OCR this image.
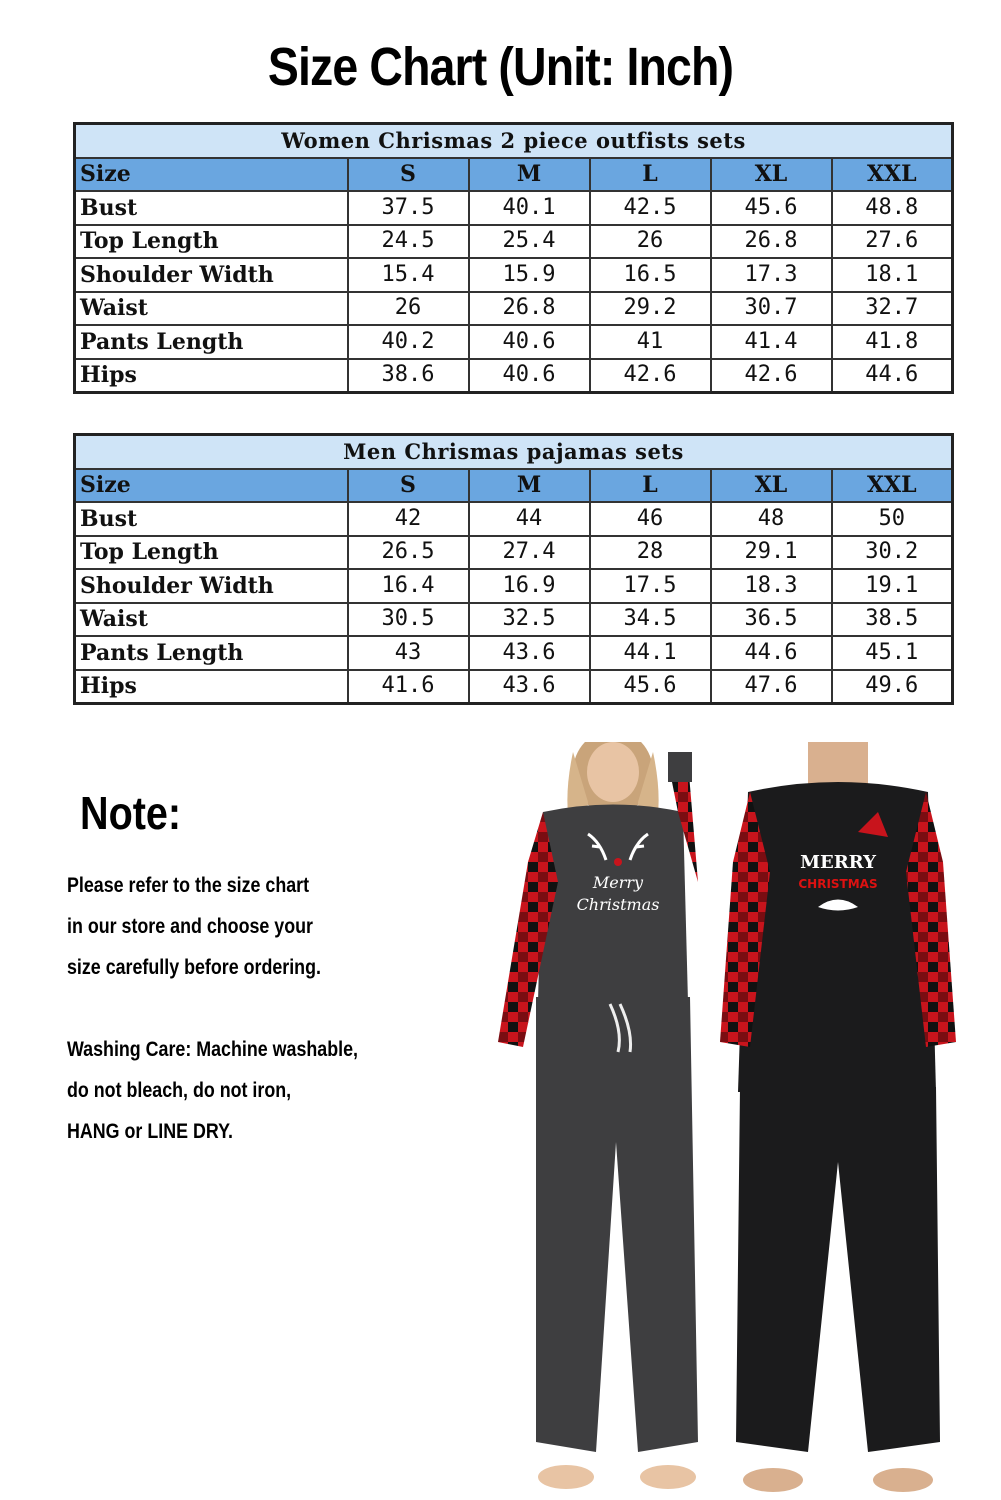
Size Chart (Unit: Inch)
Women Chrismas 2 piece outfists sets					
Size	S	M	L	XL	XXL
Bust	37.5	40.1	42.5	45.6	48.8
Top Length	24.5	25.4	26	26.8	27.6
Shoulder Width	15.4	15.9	16.5	17.3	18.1
Waist	26	26.8	29.2	30.7	32.7
Pants Length	40.2	40.6	41	41.4	41.8
Hips	38.6	40.6	42.6	42.6	44.6
Men Chrismas pajamas sets					
Size	S	M	L	XL	XXL
Bust	42	44	46	48	50
Top Length	26.5	27.4	28	29.1	30.2
Shoulder Width	16.4	16.9	17.5	18.3	19.1
Waist	30.5	32.5	34.5	36.5	38.5
Pants Length	43	43.6	44.1	44.6	45.1
Hips	41.6	43.6	45.6	47.6	49.6
Note:
Please refer to the size chart
in our store and choose your
size carefully before ordering.
Washing Care: Machine washable,
do not bleach, do not iron,
HANG or LINE DRY.
Merry
Christmas
MERRY
CHRISTMAS
